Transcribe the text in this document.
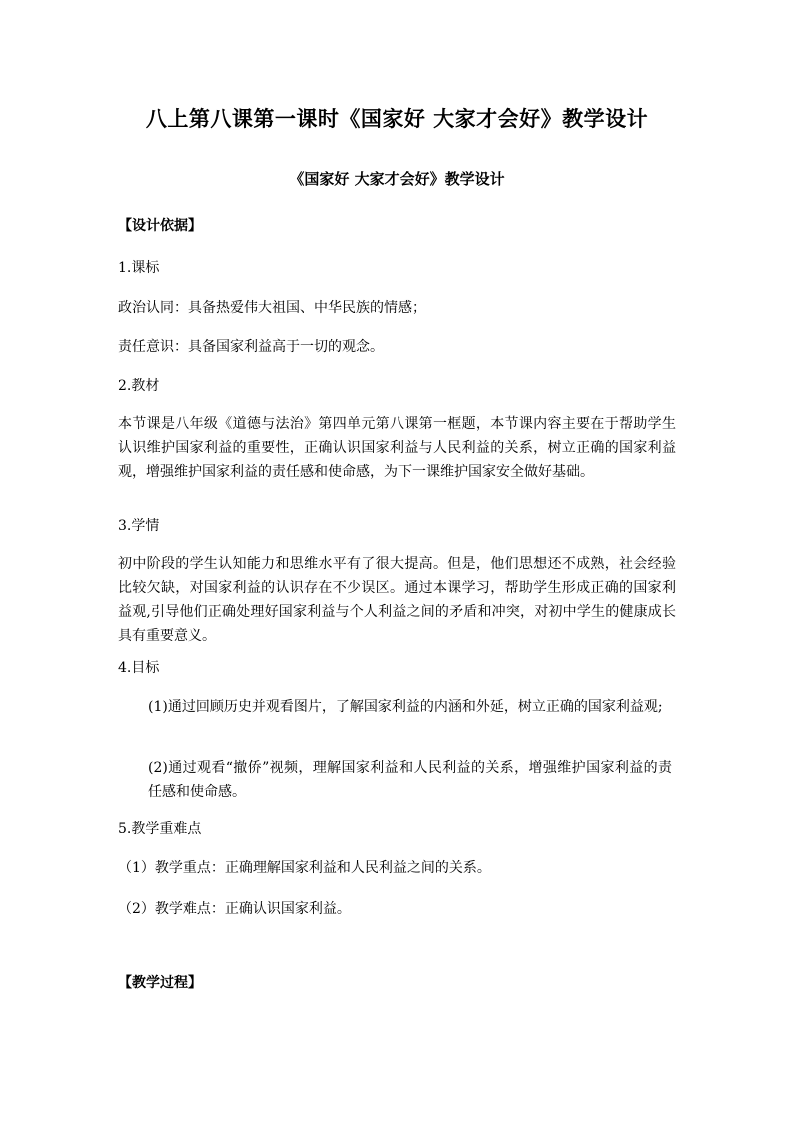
八上第八课第一课时《国家好 大家才会好》教学设计
《国家好 大家才会好》教学设计

【设计依据】

1.课标

政治认同：具备热爱伟大祖国、中华民族的情感；

责任意识：具备国家利益高于一切的观念。

2.教材

本节课是八年级《道德与法治》第四单元第八课第一框题，本节课内容主要在于帮助学生认识维护国家利益的重要性，正确认识国家利益与人民利益的关系，树立正确的国家利益观，增强维护国家利益的责任感和使命感，为下一课维护国家安全做好基础。

3.学情

初中阶段的学生认知能力和思维水平有了很大提高。但是，他们思想还不成熟，社会经验比较欠缺，对国家利益的认识存在不少误区。通过本课学习，帮助学生形成正确的国家利益观,引导他们正确处理好国家利益与个人利益之间的矛盾和冲突，对初中学生的健康成长具有重要意义。

4.目标

(1)通过回顾历史并观看图片，了解国家利益的内涵和外延，树立正确的国家利益观;

(2)通过观看“撤侨”视频，理解国家利益和人民利益的关系，增强维护国家利益的责任感和使命感。

5.教学重难点

（1）教学重点：正确理解国家利益和人民利益之间的关系。

（2）教学难点：正确认识国家利益。

【教学过程】
